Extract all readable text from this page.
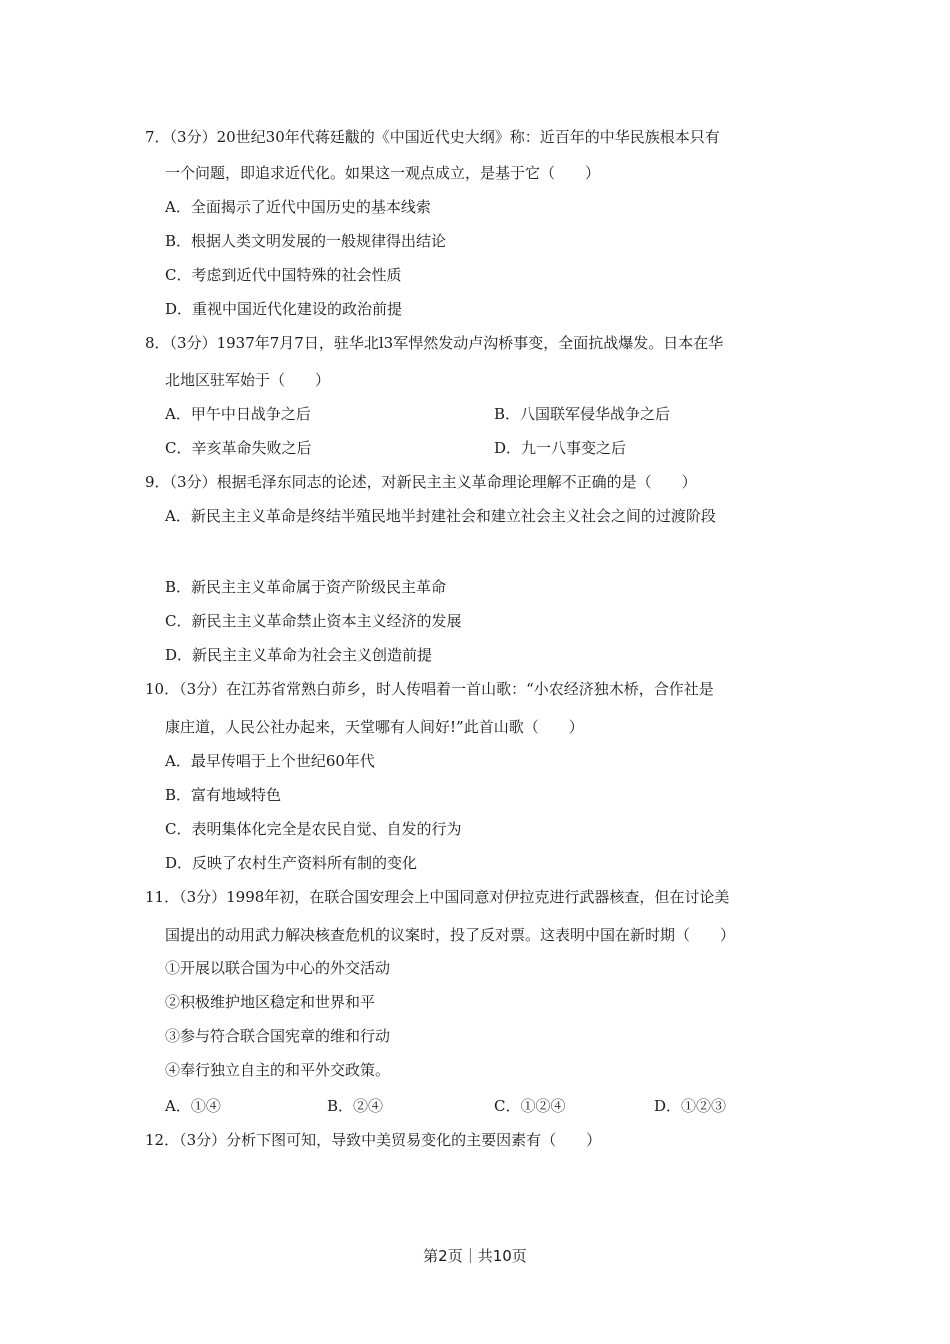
7．（3分）20世纪30年代蒋廷黻的《中国近代史大纲》称：近百年的中华民族根本只有
一个问题，即追求近代化。如果这一观点成立，是基于它（　　）
A．全面揭示了近代中国历史的基本线索
B．根据人类文明发展的一般规律得出结论
C．考虑到近代中国特殊的社会性质
D．重视中国近代化建设的政治前提
8．（3分）1937年7月7日，驻华北l3军悍然发动卢沟桥事变，全面抗战爆发。日本在华
北地区驻军始于（　　）
A．甲午中日战争之后	B．八国联军侵华战争之后
C．辛亥革命失败之后	D．九一八事变之后
9．（3分）根据毛泽东同志的论述，对新民主主义革命理论理解不正确的是（　　）
A．新民主主义革命是终结半殖民地半封建社会和建立社会主义社会之间的过渡阶段
B．新民主主义革命属于资产阶级民主革命
C．新民主主义革命禁止资本主义经济的发展
D．新民主主义革命为社会主义创造前提
10．（3分）在江苏省常熟白茆乡，时人传唱着一首山歌：“小农经济独木桥，合作社是
康庄道，人民公社办起来，天堂哪有人间好!”此首山歌（　　）
A．最早传唱于上个世纪60年代
B．富有地域特色
C．表明集体化完全是农民自觉、自发的行为
D．反映了农村生产资料所有制的变化
11．（3分）1998年初，在联合国安理会上中国同意对伊拉克进行武器核查，但在讨论美
国提出的动用武力解决核查危机的议案时，投了反对票。这表明中国在新时期（　　）
①开展以联合国为中心的外交活动
②积极维护地区稳定和世界和平
③参与符合联合国宪章的维和行动
④奉行独立自主的和平外交政策。
A．①④	B．②④	C．①②④	D．①②③
12．（3分）分析下图可知，导致中美贸易变化的主要因素有（　　）
第2页｜共10页
